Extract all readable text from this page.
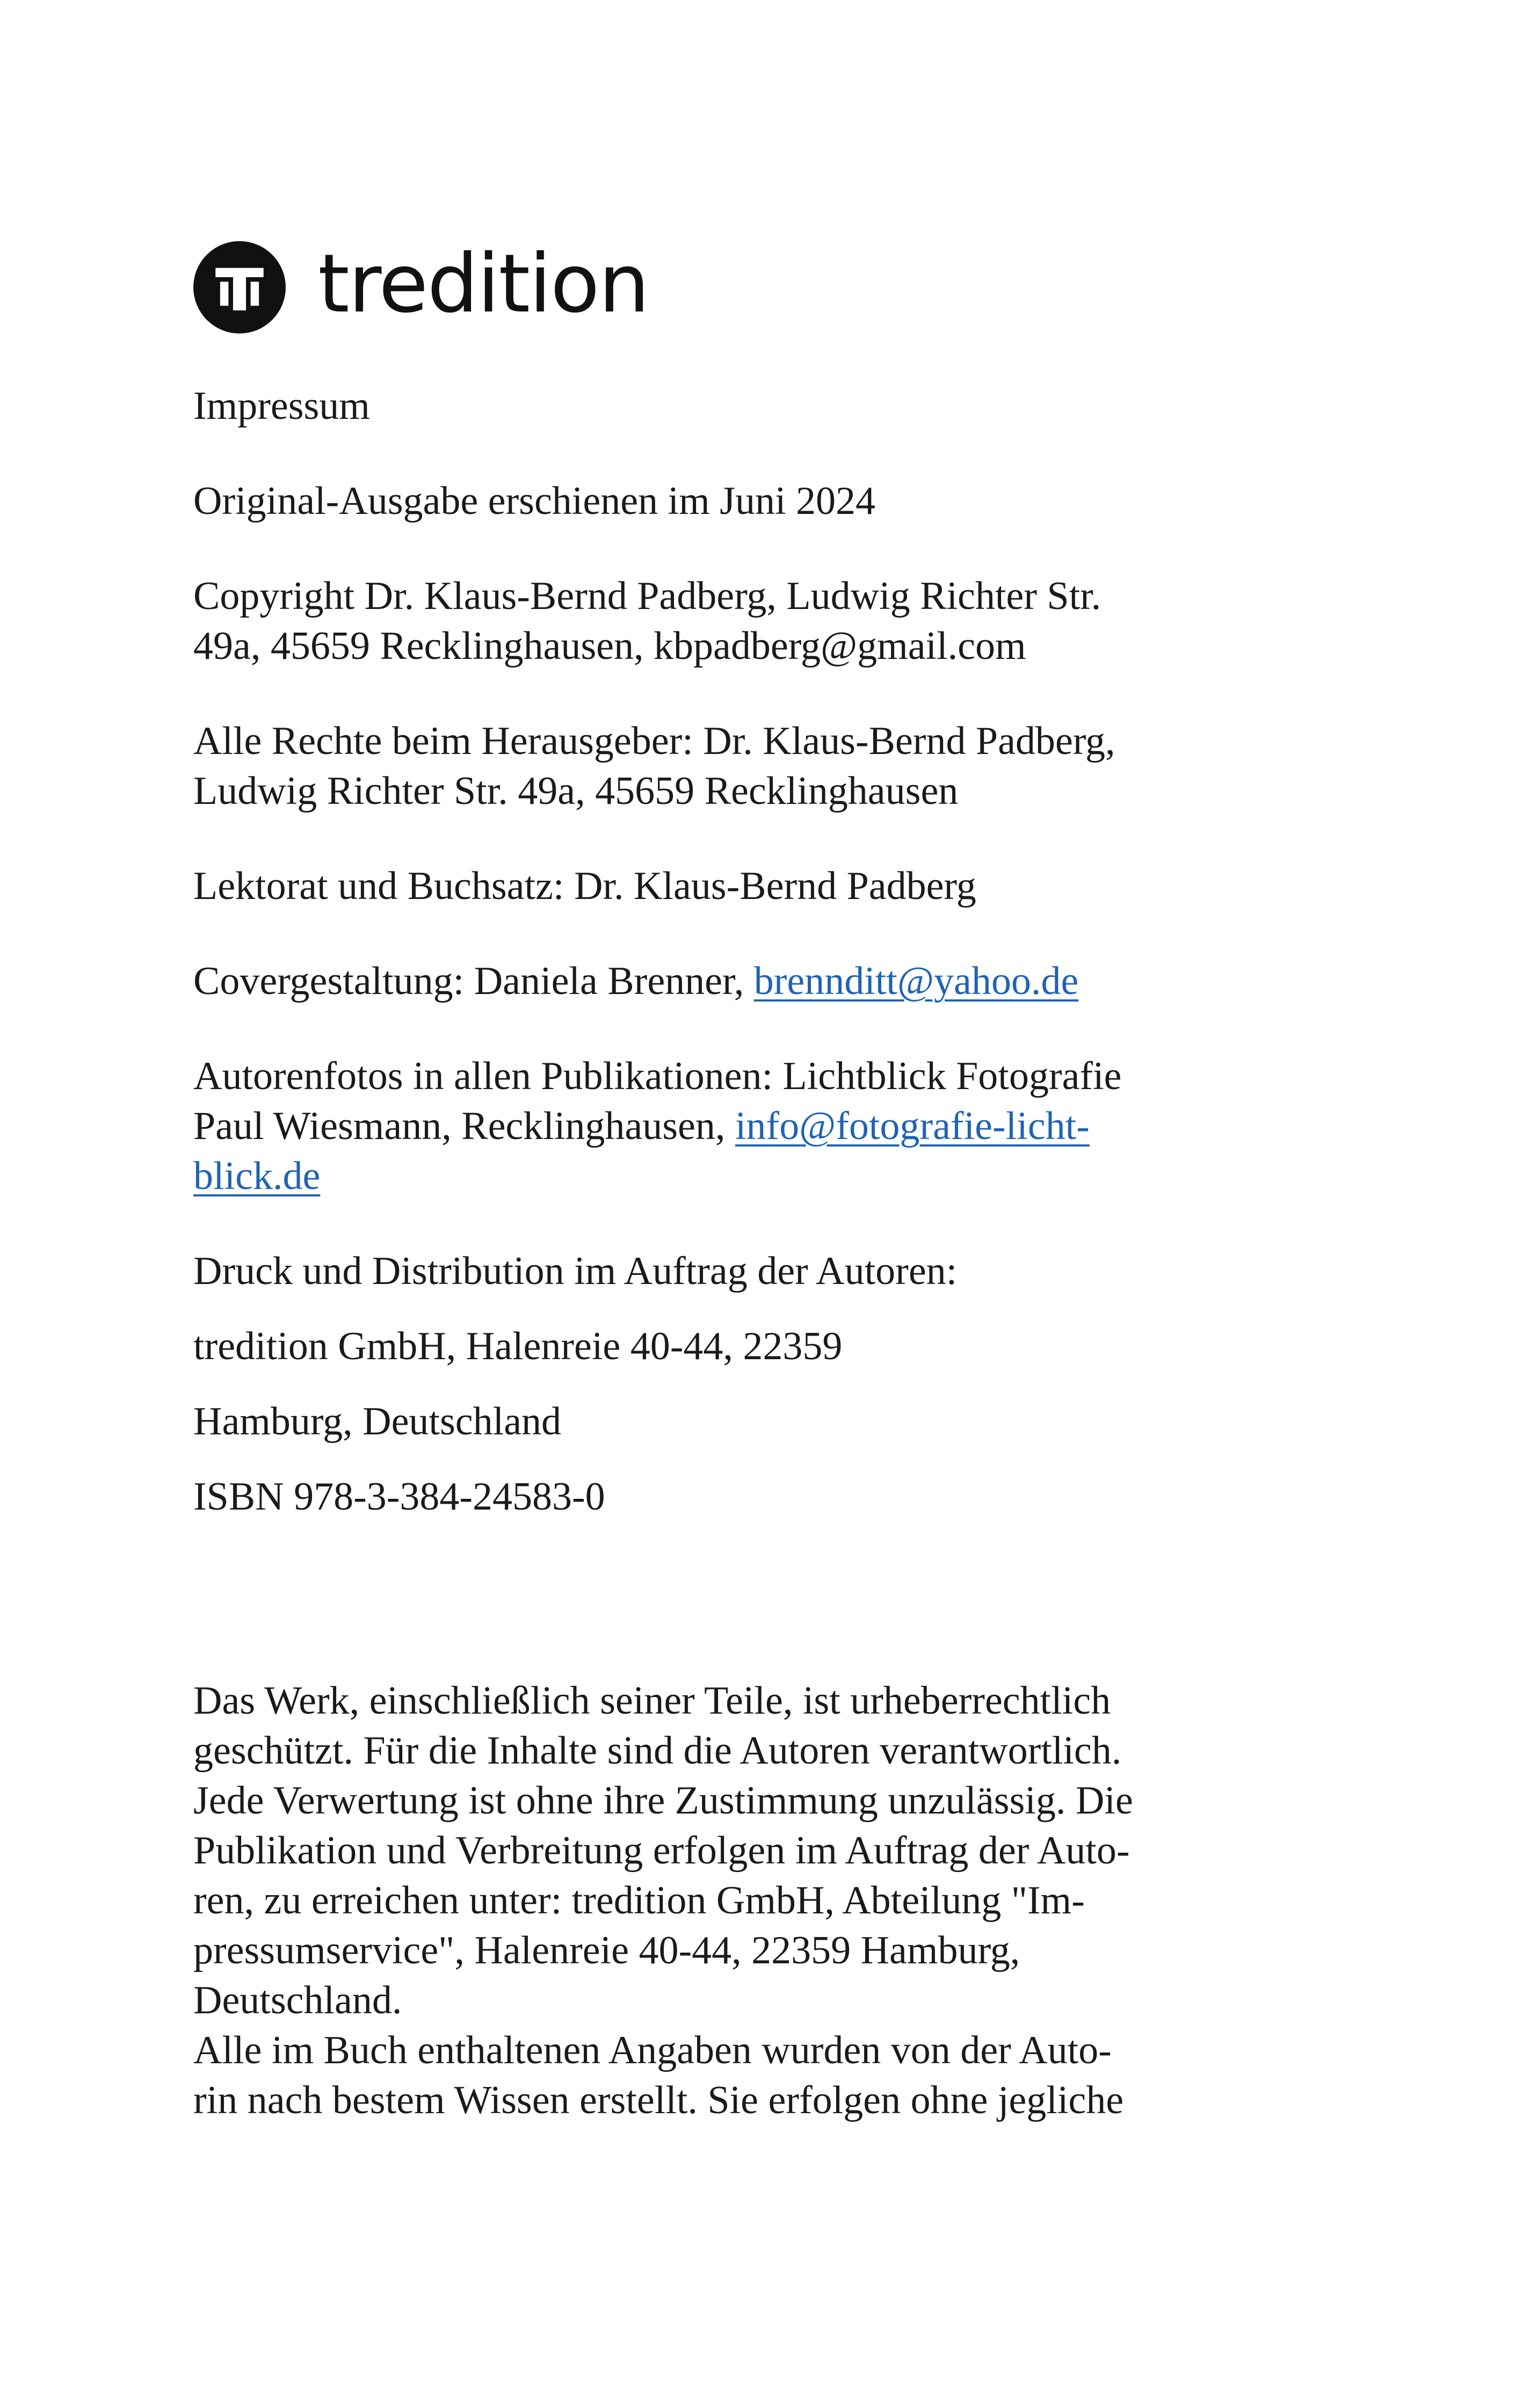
tredition

Impressum

Original-Ausgabe erschienen im Juni 2024

Copyright Dr. Klaus-Bernd Padberg, Ludwig Richter Str.
49a, 45659 Recklinghausen, kbpadberg@gmail.com

Alle Rechte beim Herausgeber: Dr. Klaus-Bernd Padberg,
Ludwig Richter Str. 49a, 45659 Recklinghausen

Lektorat und Buchsatz: Dr. Klaus-Bernd Padberg

Covergestaltung: Daniela Brenner, brennditt@yahoo.de

Autorenfotos in allen Publikationen: Lichtblick Fotografie
Paul Wiesmann, Recklinghausen, info@fotografie-licht-
blick.de

Druck und Distribution im Auftrag der Autoren:

tredition GmbH, Halenreie 40-44, 22359

Hamburg, Deutschland

ISBN 978-3-384-24583-0

Das Werk, einschließlich seiner Teile, ist urheberrechtlich
geschützt. Für die Inhalte sind die Autoren verantwortlich.
Jede Verwertung ist ohne ihre Zustimmung unzulässig. Die
Publikation und Verbreitung erfolgen im Auftrag der Auto-
ren, zu erreichen unter: tredition GmbH, Abteilung "Im-
pressumservice", Halenreie 40-44, 22359 Hamburg,
Deutschland.
Alle im Buch enthaltenen Angaben wurden von der Auto-
rin nach bestem Wissen erstellt. Sie erfolgen ohne jegliche
